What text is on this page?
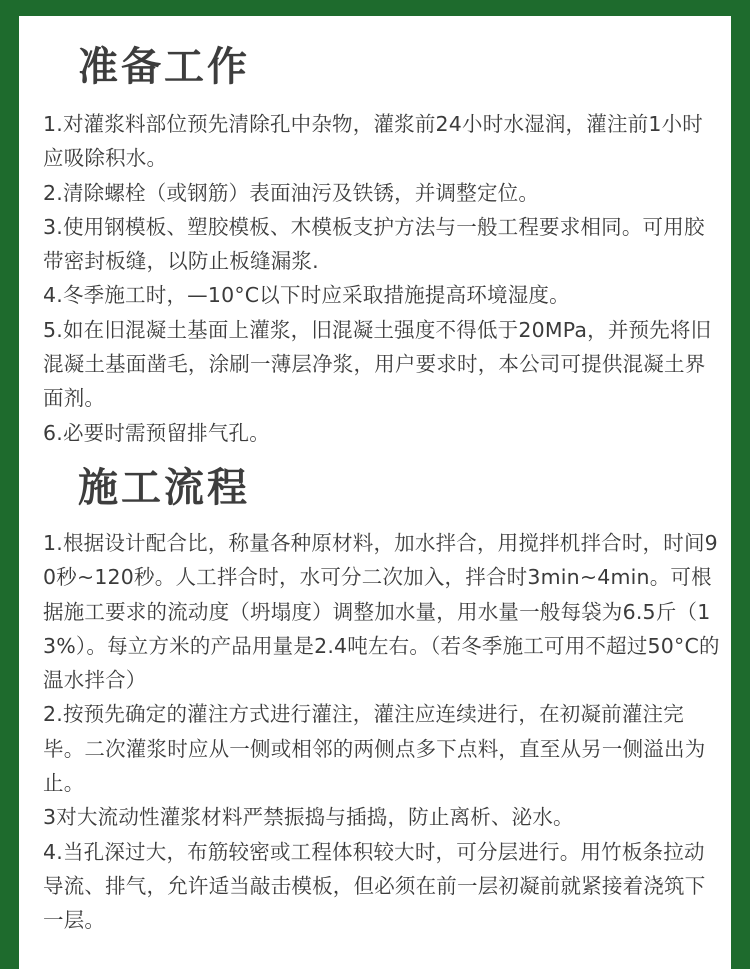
准备工作
1.对灌浆料部位预先清除孔中杂物，灌浆前24小时水湿润，灌注前1小时应吸除积水。
2.清除螺栓（或钢筋）表面油污及铁锈，并调整定位。
3.使用钢模板、塑胶模板、木模板支护方法与一般工程要求相同。可用胶带密封板缝，以防止板缝漏浆.
4.冬季施工时，—10°C以下时应采取措施提高环境湿度。
5.如在旧混凝土基面上灌浆，旧混凝土强度不得低于20MPa，并预先将旧混凝土基面凿毛，涂刷一薄层净浆，用户要求时，本公司可提供混凝土界面剂。
6.必要时需预留排气孔。
施工流程
1.根据设计配合比，称量各种原材料，加水拌合，用搅拌机拌合时，时间90秒~120秒。人工拌合时，水可分二次加入，拌合时3min~4min。可根据施工要求的流动度（坍塌度）调整加水量，用水量一般每袋为6.5斤（13%）。每立方米的产品用量是2.4吨左右。（若冬季施工可用不超过50°C的温水拌合）
2.按预先确定的灌注方式进行灌注，灌注应连续进行，在初凝前灌注完毕。二次灌浆时应从一侧或相邻的两侧点多下点料，直至从另一侧溢出为止。
3对大流动性灌浆材料严禁振捣与插捣，防止离析、泌水。
4.当孔深过大，布筋较密或工程体积较大时，可分层进行。用竹板条拉动导流、排气，允许适当敲击模板，但必须在前一层初凝前就紧接着浇筑下一层。
